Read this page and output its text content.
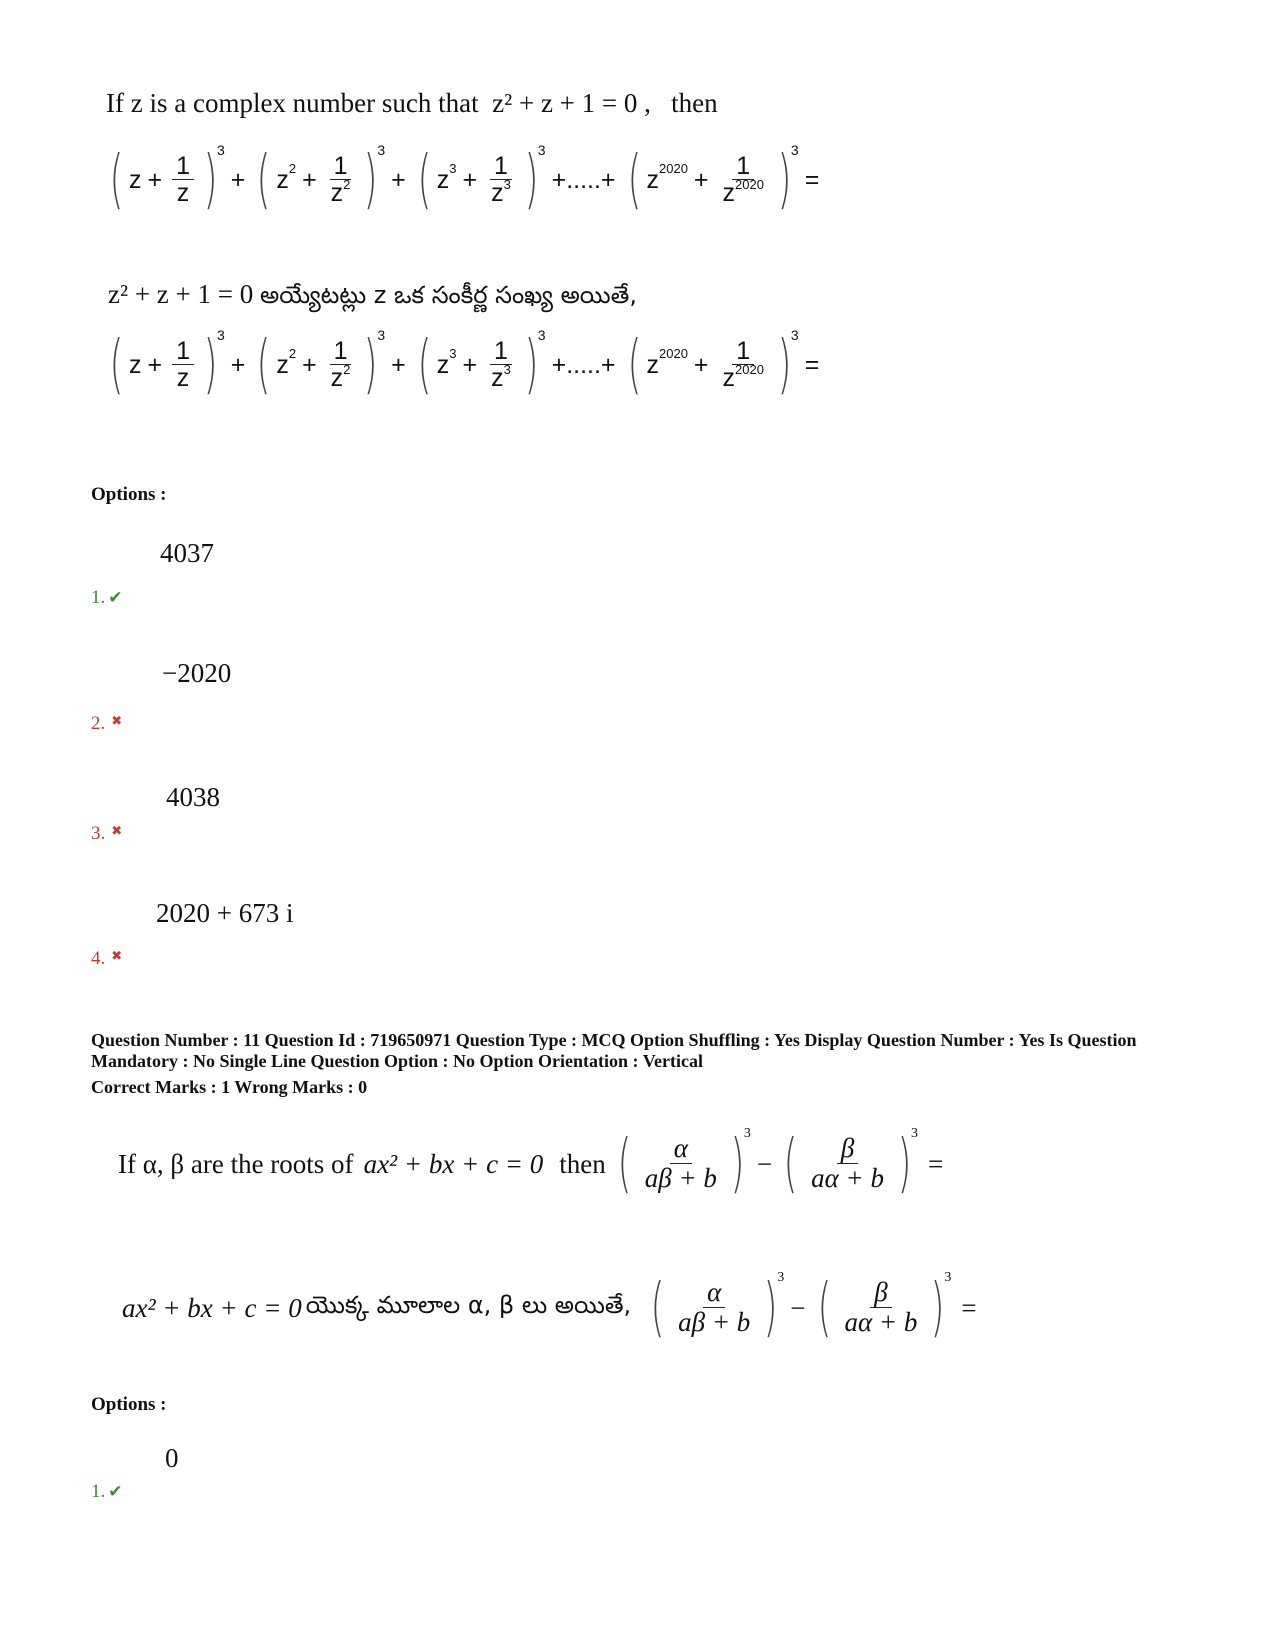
If z is a complex number such that z² + z + 1 = 0 , then
( $z + \frac{1}{z}$ ) 3
+ ( z $2 + \frac{1}{z^2}$ ) 3
+ ( z $3 + \frac{1}{z^3}$ ) 3
+.....+ ( z $2020 + \frac{1}{z^{2020}}$ ) 3
=
z² + z + 1 = 0 అయ్యేటట్లు z ఒక సంకీర్ణ సంఖ్య అయితే,
( $z + \frac{1}{z}$ ) 3
+ ( z $2 + \frac{1}{z^2}$ ) 3
+ ( z $3 + \frac{1}{z^3}$ ) 3
+.....+ ( z $2020 + \frac{1}{z^{2020}}$ ) 3
=
Options :
4037
1. ✔
−2020
2. ✖
4038
3. ✖
2020 + 673 i
4. ✖
Question Number : 11 Question Id : 719650971 Question Type : MCQ Option Shuffling : Yes Display Question Number : Yes Is Question Mandatory : No Single Line Question Option : No Option Orientation : Vertical
Correct Marks : 1 Wrong Marks : 0
If α, β are the roots of ax² + bx + c = 0 then ( $\frac{\alpha}{a\beta + b}$ ) 3
− ( $\frac{\beta}{a\alpha + b}$ ) 3
=
ax² + bx + c = 0 యొక్క మూలాల α, β లు అయితే, ( $\frac{\alpha}{a\beta + b}$ ) 3
− ( $\frac{\beta}{a\alpha + b}$ ) 3
=
Options :
0
1. ✔
